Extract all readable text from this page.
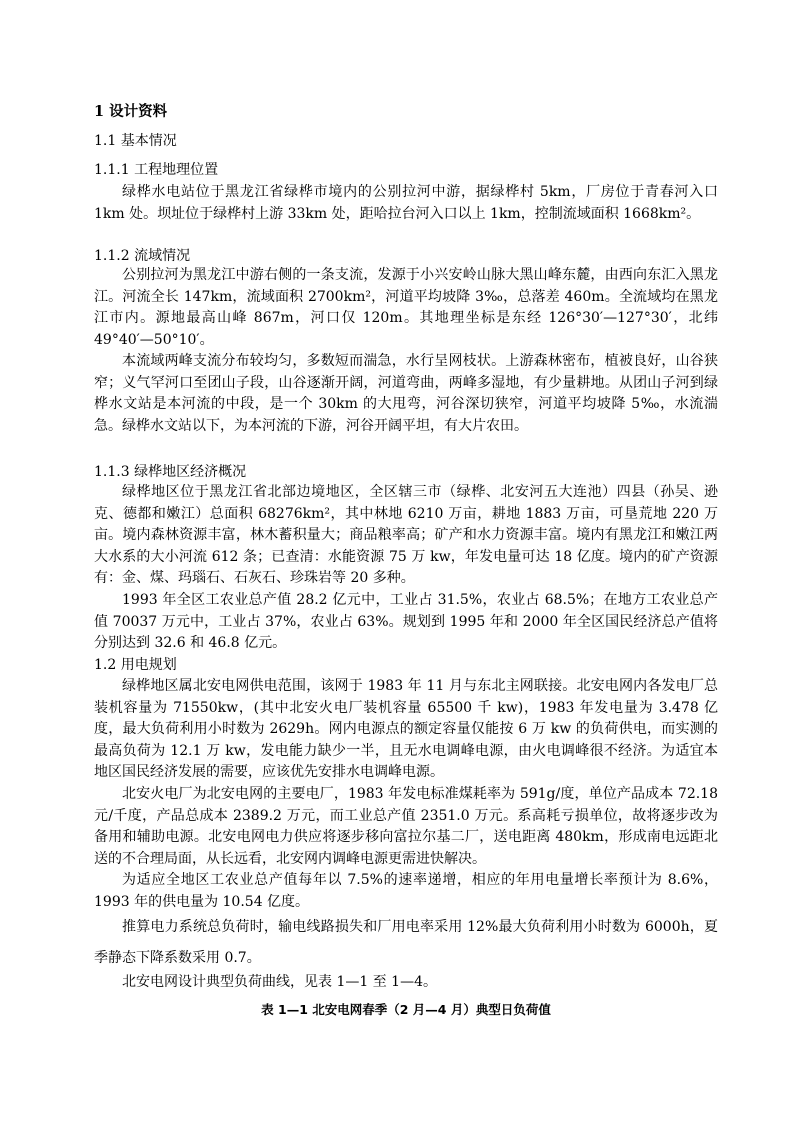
1 设计资料
1.1 基本情况
1.1.1 工程地理位置

绿桦水电站位于黑龙江省绿桦市境内的公别拉河中游，据绿桦村 5km，厂房位于青春河入口 1km 处。坝址位于绿桦村上游 33km 处，距哈拉台河入口以上 1km，控制流域面积 1668km²。

1.1.2 流域情况

公别拉河为黑龙江中游右侧的一条支流，发源于小兴安岭山脉大黑山峰东麓，由西向东汇入黑龙江。河流全长 147km，流域面积 2700km²，河道平均坡降 3‰，总落差 460m。全流域均在黑龙江市内。源地最高山峰 867m，河口仅 120m。其地理坐标是东经 126°30′—127°30′，北纬 49°40′—50°10′。

本流域两峰支流分布较均匀，多数短而湍急，水行呈网枝状。上游森林密布，植被良好，山谷狭窄；义气罕河口至团山子段，山谷逐渐开阔，河道弯曲，两峰多湿地，有少量耕地。从团山子河到绿桦水文站是本河流的中段，是一个 30km 的大甩弯，河谷深切狭窄，河道平均坡降 5‰，水流湍急。绿桦水文站以下，为本河流的下游，河谷开阔平坦，有大片农田。

1.1.3 绿桦地区经济概况

绿桦地区位于黑龙江省北部边境地区，全区辖三市（绿桦、北安河五大连池）四县（孙吴、逊克、德都和嫩江）总面积 68276km²，其中林地 6210 万亩，耕地 1883 万亩，可垦荒地 220 万亩。境内森林资源丰富，林木蓄积量大；商品粮率高；矿产和水力资源丰富。境内有黑龙江和嫩江两大水系的大小河流 612 条；已查清：水能资源 75 万 kw，年发电量可达 18 亿度。境内的矿产资源有：金、煤、玛瑙石、石灰石、珍珠岩等 20 多种。

1993 年全区工农业总产值 28.2 亿元中，工业占 31.5%，农业占 68.5%；在地方工农业总产值 70037 万元中，工业占 37%，农业占 63%。规划到 1995 年和 2000 年全区国民经济总产值将分别达到 32.6 和 46.8 亿元。

1.2 用电规划

绿桦地区属北安电网供电范围，该网于 1983 年 11 月与东北主网联接。北安电网内各发电厂总装机容量为 71550kw，(其中北安火电厂装机容量 65500 千 kw)，1983 年发电量为 3.478 亿度，最大负荷利用小时数为 2629h。网内电源点的额定容量仅能按 6 万 kw 的负荷供电，而实测的最高负荷为 12.1 万 kw，发电能力缺少一半，且无水电调峰电源，由火电调峰很不经济。为适宜本地区国民经济发展的需要，应该优先安排水电调峰电源。

北安火电厂为北安电网的主要电厂，1983 年发电标准煤耗率为 591g/度，单位产品成本 72.18 元/千度，产品总成本 2389.2 万元，而工业总产值 2351.0 万元。系高耗亏损单位，故将逐步改为备用和辅助电源。北安电网电力供应将逐步移向富拉尔基二厂，送电距离 480km，形成南电远距北送的不合理局面，从长远看，北安网内调峰电源更需进快解决。

为适应全地区工农业总产值每年以 7.5%的速率递增，相应的年用电量增长率预计为 8.6%，1993 年的供电量为 10.54 亿度。

推算电力系统总负荷时，输电线路损失和厂用电率采用 12%最大负荷利用小时数为 6000h，夏季静态下降系数采用 0.7。

北安电网设计典型负荷曲线，见表 1—1 至 1—4。

表 1—1 北安电网春季（2 月—4 月）典型日负荷值
